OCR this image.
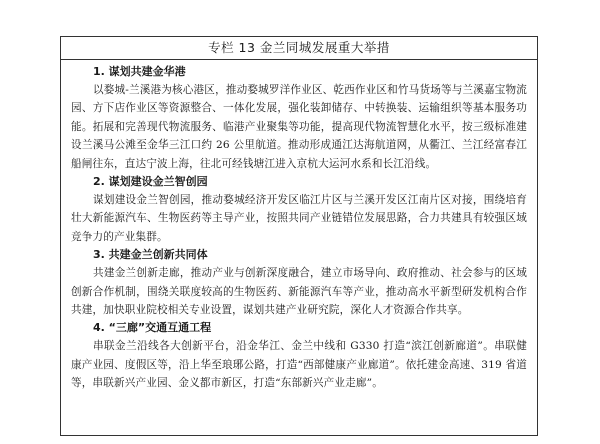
专栏 13 金兰同城发展重大举措
1. 谋划共建金华港
以婺城-兰溪港为核心港区，推动婺城罗洋作业区、乾西作业区和竹马货场等与兰溪嘉宝物流园、方下店作业区等资源整合、一体化发展，强化装卸储存、中转换装、运输组织等基本服务功能。拓展和完善现代物流服务、临港产业聚集等功能，提高现代物流智慧化水平，按三级标准建设兰溪马公滩至金华三江口约 26 公里航道。推动形成通江达海航道网，从衢江、兰江经富春江船闸往东，直达宁波上海，往北可经钱塘江进入京杭大运河水系和长江沿线。
2. 谋划建设金兰智创园
谋划建设金兰智创园，推动婺城经济开发区临江片区与兰溪开发区江南片区对接，围绕培育壮大新能源汽车、生物医药等主导产业，按照共同产业链错位发展思路，合力共建具有较强区域竞争力的产业集群。
3. 共建金兰创新共同体
共建金兰创新走廊，推动产业与创新深度融合，建立市场导向、政府推动、社会参与的区域创新合作机制，围绕关联度较高的生物医药、新能源汽车等产业，推动高水平新型研发机构合作共建，加快职业院校相关专业设置，谋划共建产业研究院，深化人才资源合作共享。
4. “三廊”交通互通工程
串联金兰沿线各大创新平台，沿金华江、金兰中线和 G330 打造“滨江创新廊道”。串联健康产业园、度假区等，沿上华至琅琊公路，打造“西部健康产业廊道”。依托建金高速、319 省道等，串联新兴产业园、金义都市新区，打造“东部新兴产业走廊”。
